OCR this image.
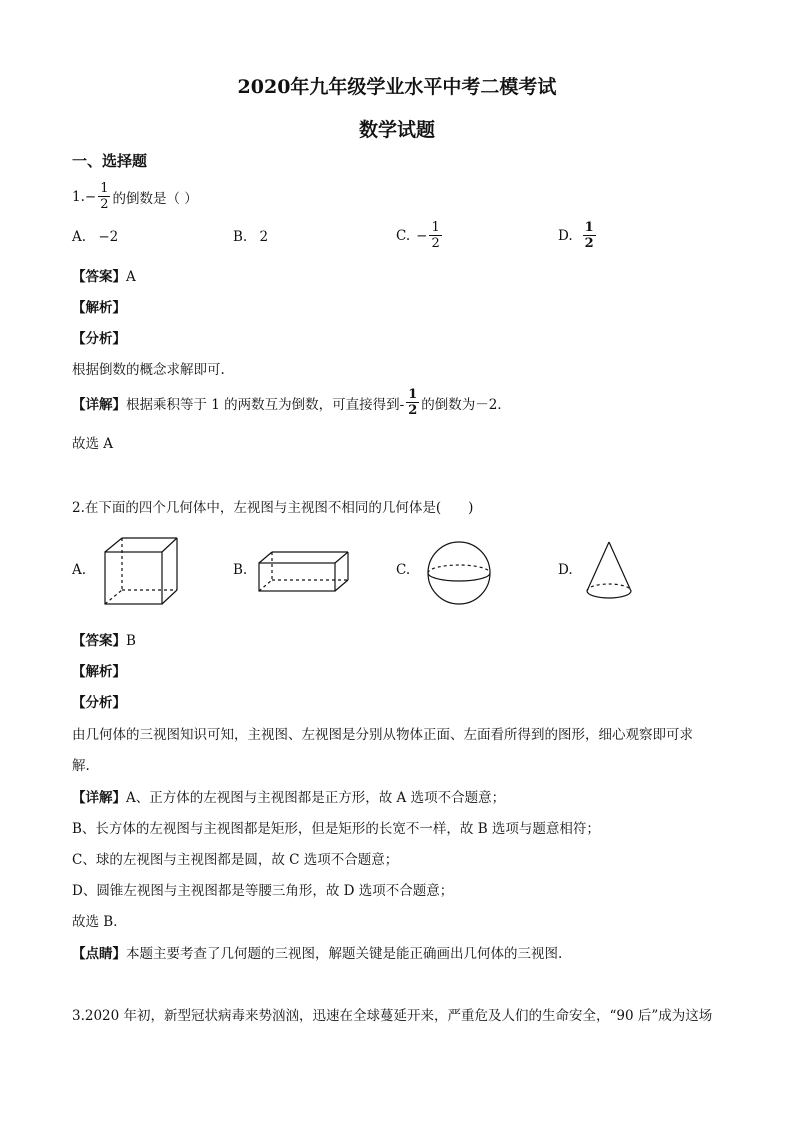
2020年九年级学业水平中考二模考试
数学试题
一、选择题
1. − $\frac{1}{2}$ 的倒数是（ ）
A. −2	B. 2	C. − $\frac{1}{2}$	D. $\frac{1}{2}$
【答案】A
【解析】
【分析】
根据倒数的概念求解即可.
【详解】 根据乘积等于 1 的两数互为倒数，可直接得到- $\frac{1}{2}$ 的倒数为－2．
故选 A
2.在下面的四个几何体中，左视图与主视图不相同的几何体是(　　)
A.	B.	C.	D.
【答案】B
【解析】
【分析】
由几何体的三视图知识可知，主视图、左视图是分别从物体正面、左面看所得到的图形，细心观察即可求
解.
【详解】A、正方体的左视图与主视图都是正方形，故 A 选项不合题意；
B、长方体的左视图与主视图都是矩形，但是矩形的长宽不一样，故 B 选项与题意相符；
C、球的左视图与主视图都是圆，故 C 选项不合题意；
D、圆锥左视图与主视图都是等腰三角形，故 D 选项不合题意；
故选 B．
【点睛】本题主要考查了几何题的三视图，解题关键是能正确画出几何体的三视图.
3.2020 年初，新型冠状病毒来势汹汹，迅速在全球蔓延开来，严重危及人们的生命安全，“90 后”成为这场
